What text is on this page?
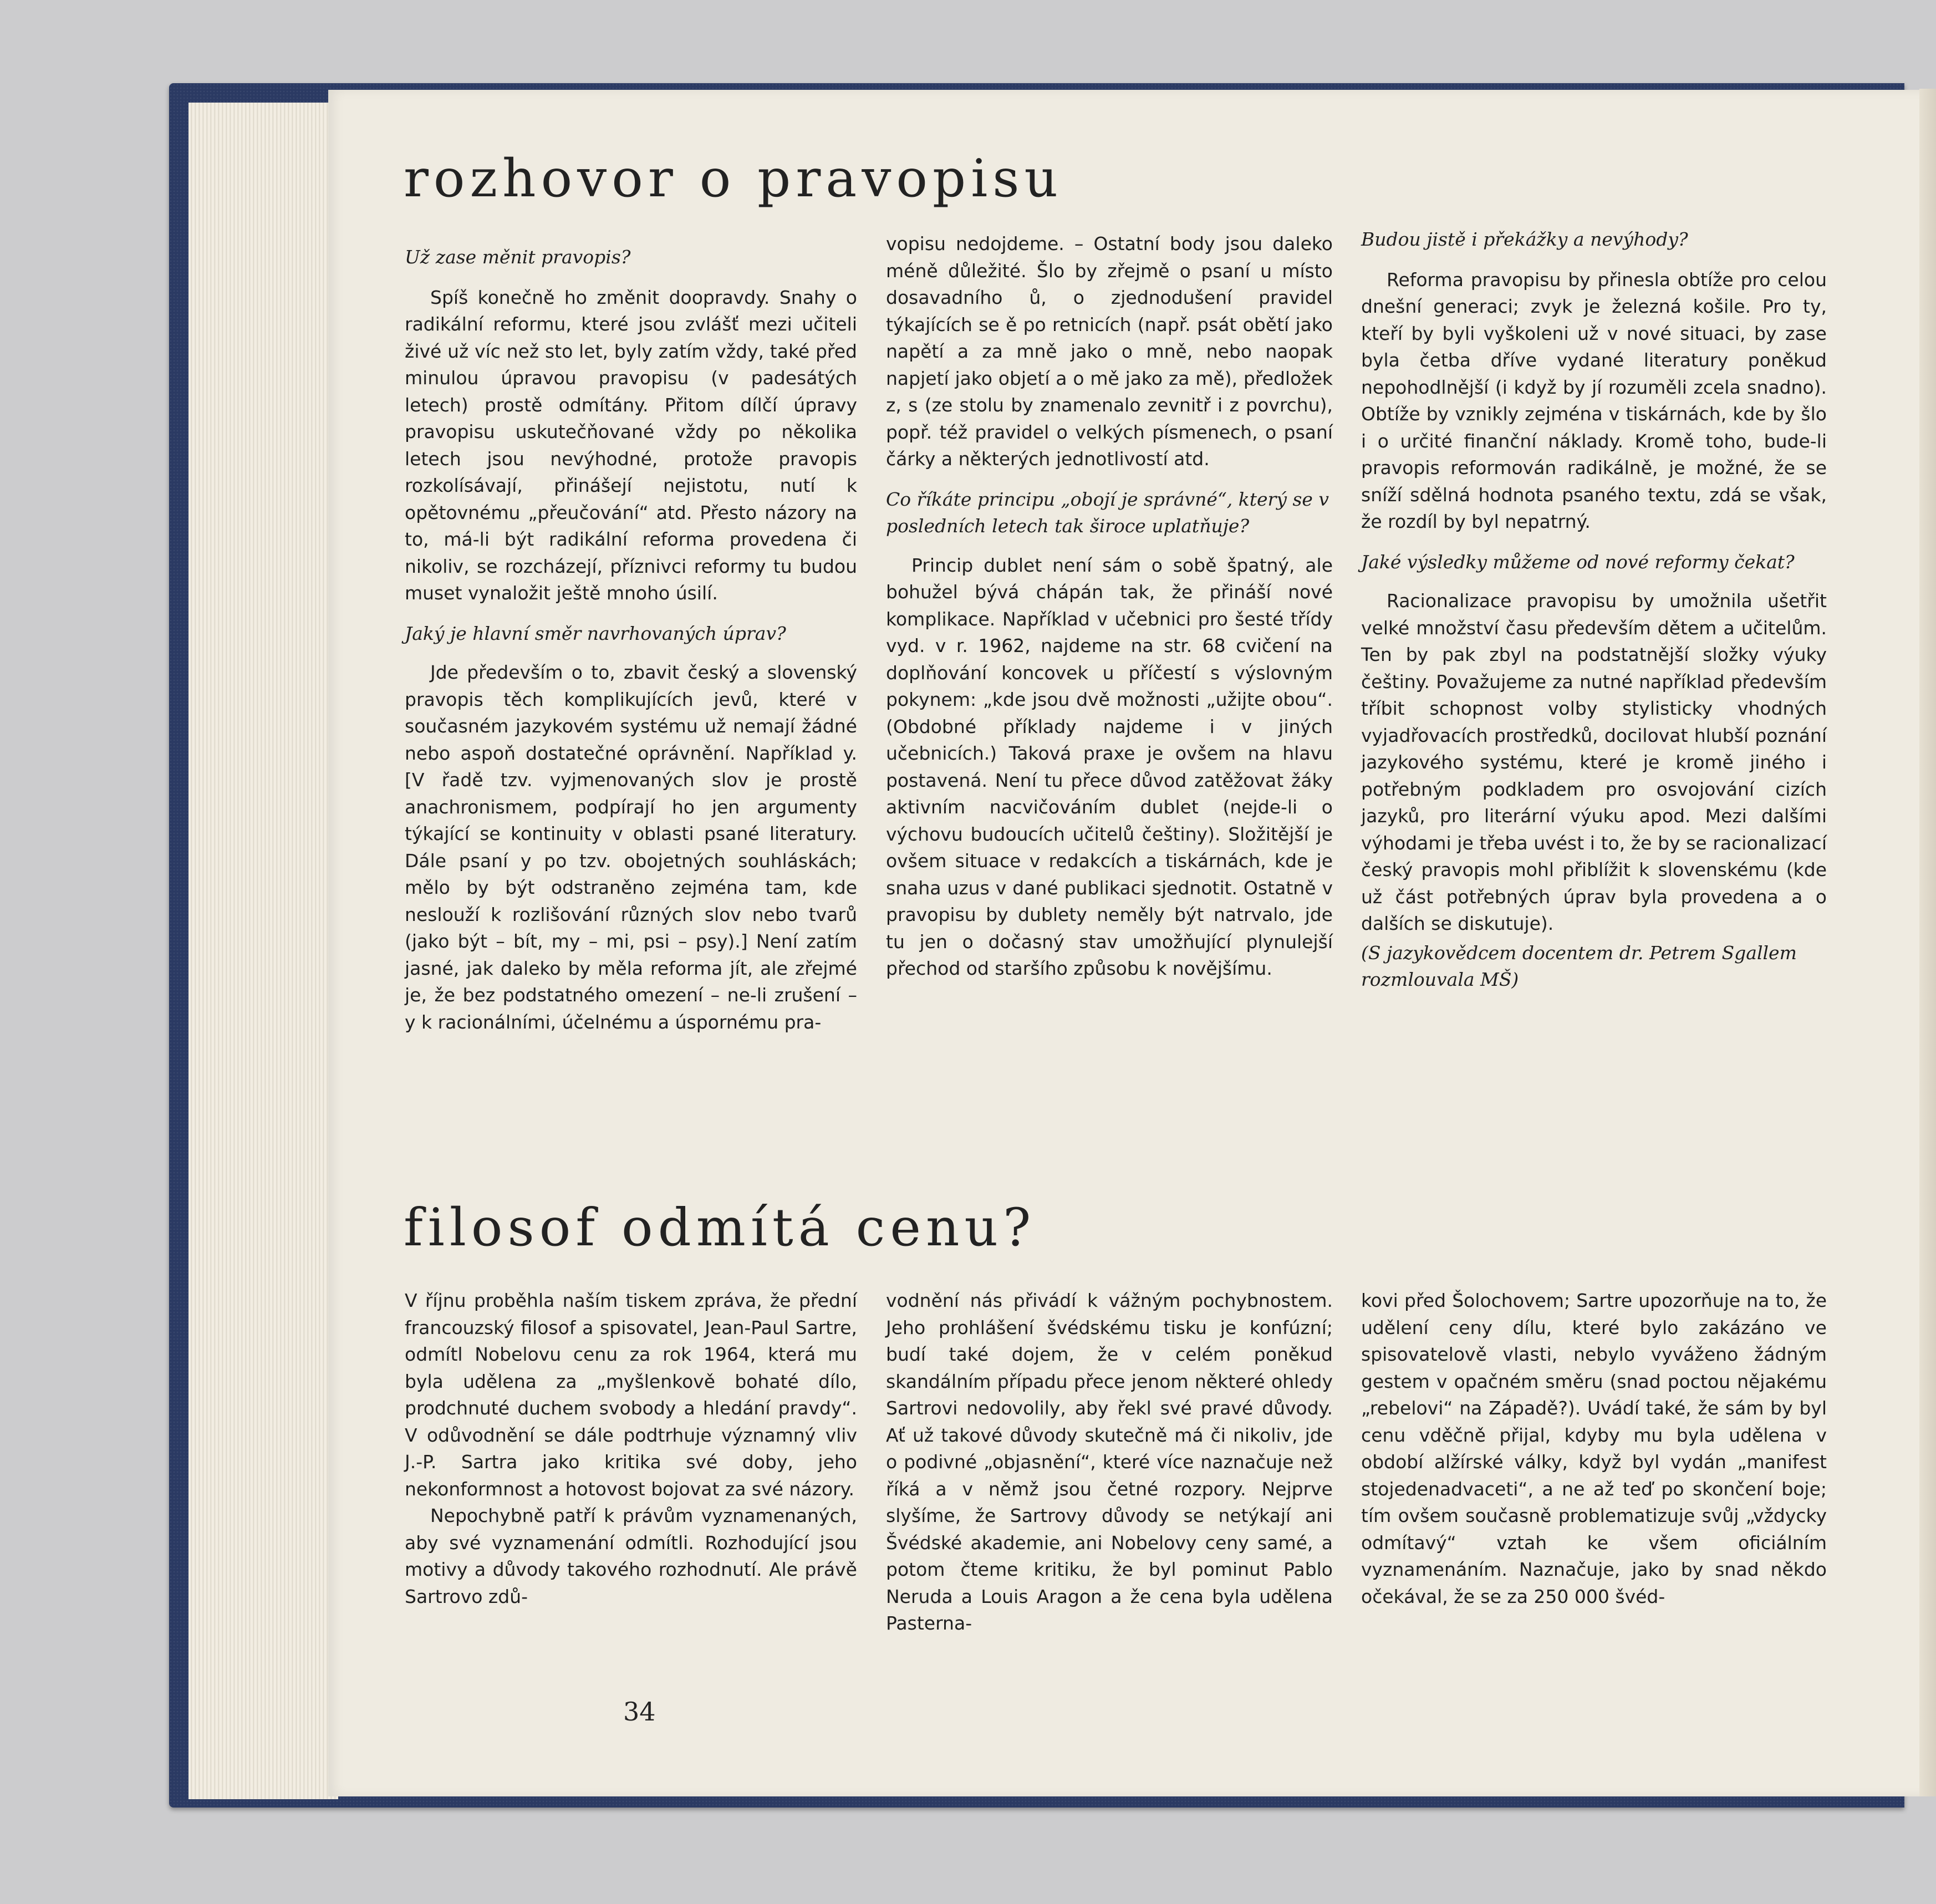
rozhovor o pravopisu

Už zase měnit pravopis?

Spíš konečně ho změnit doopravdy. Snahy o radikální reformu, které jsou zvlášť mezi učiteli živé už víc než sto let, byly zatím vždy, také před minulou úpravou pravopisu (v padesátých letech) prostě odmítány. Přitom dílčí úpravy pravopisu uskutečňované vždy po několika letech jsou nevýhodné, protože pravopis rozkolísávají, přinášejí nejistotu, nutí k opětovnému „přeučování“ atd. Přesto názory na to, má-li být radikální reforma provedena či nikoliv, se rozcházejí, příznivci reformy tu budou muset vynaložit ještě mnoho úsilí.

Jaký je hlavní směr navrhovaných úprav?

Jde především o to, zbavit český a slovenský pravopis těch komplikujících jevů, které v současném jazykovém systému už nemají žádné nebo aspoň dostatečné oprávnění. Například y. [V řadě tzv. vyjmenovaných slov je prostě anachronismem, podpírají ho jen argumenty týkající se kontinuity v oblasti psané literatury. Dále psaní y po tzv. obojetných souhláskách; mělo by být odstraněno zejména tam, kde neslouží k rozlišování různých slov nebo tvarů (jako být – bít, my – mi, psi – psy).] Není zatím jasné, jak daleko by měla reforma jít, ale zřejmé je, že bez podstatného omezení – ne-li zrušení – y k racionálními, účelnému a úspornému pra-

vopisu nedojdeme. – Ostatní body jsou daleko méně důležité. Šlo by zřejmě o psaní u místo dosavadního ů, o zjednodušení pravidel týkajících se ě po retnicích (např. psát obětí jako napětí a za mně jako o mně, nebo naopak napjetí jako objetí a o mě jako za mě), předložek z, s (ze stolu by znamenalo zevnitř i z povrchu), popř. též pravidel o velkých písmenech, o psaní čárky a některých jednotlivostí atd.

Co říkáte principu „obojí je správné“, který se v posledních letech tak široce uplatňuje?

Princip dublet není sám o sobě špatný, ale bohužel bývá chápán tak, že přináší nové komplikace. Například v učebnici pro šesté třídy vyd. v r. 1962, najdeme na str. 68 cvičení na doplňování koncovek u příčestí s výslovným pokynem: „kde jsou dvě možnosti „užijte obou“. (Obdobné příklady najdeme i v jiných učebnicích.) Taková praxe je ovšem na hlavu postavená. Není tu přece důvod zatěžovat žáky aktivním nacvičováním dublet (nejde-li o výchovu budoucích učitelů češtiny). Složitější je ovšem situace v redakcích a tiskárnách, kde je snaha uzus v dané publikaci sjednotit. Ostatně v pravopisu by dublety neměly být natrvalo, jde tu jen o dočasný stav umožňující plynulejší přechod od staršího způsobu k novějšímu.

Budou jistě i překážky a nevýhody?

Reforma pravopisu by přinesla obtíže pro celou dnešní generaci; zvyk je železná košile. Pro ty, kteří by byli vyškoleni už v nové situaci, by zase byla četba dříve vydané literatury poněkud nepohodlnější (i když by jí rozuměli zcela snadno). Obtíže by vznikly zejména v tiskárnách, kde by šlo i o určité finanční náklady. Kromě toho, bude-li pravopis reformován radikálně, je možné, že se sníží sdělná hodnota psaného textu, zdá se však, že rozdíl by byl nepatrný.

Jaké výsledky můžeme od nové reformy čekat?

Racionalizace pravopisu by umožnila ušetřit velké množství času především dětem a učitelům. Ten by pak zbyl na podstatnější složky výuky češtiny. Považujeme za nutné například především tříbit schopnost volby stylisticky vhodných vyjadřovacích prostředků, docilovat hlubší poznání jazykového systému, které je kromě jiného i potřebným podkladem pro osvojování cizích jazyků, pro literární výuku apod. Mezi dalšími výhodami je třeba uvést i to, že by se racionalizací český pravopis mohl přiblížit k slovenskému (kde už část potřebných úprav byla provedena a o dalších se diskutuje).

(S jazykovědcem docentem dr. Petrem Sgallem rozmlouvala MŠ)

filosof odmítá cenu?

V říjnu proběhla naším tiskem zpráva, že přední francouzský filosof a spisovatel, Jean-Paul Sartre, odmítl Nobelovu cenu za rok 1964, která mu byla udělena za „myšlenkově bohaté dílo, prodchnuté duchem svobody a hledání pravdy“. V odůvodnění se dále podtrhuje významný vliv J.-P. Sartra jako kritika své doby, jeho nekonformnost a hotovost bojovat za své názory.

Nepochybně patří k právům vyznamenaných, aby své vyznamenání odmítli. Rozhodující jsou motivy a důvody takového rozhodnutí. Ale právě Sartrovo zdů-

vodnění nás přivádí k vážným pochybnostem. Jeho prohlášení švédskému tisku je konfúzní; budí také dojem, že v celém poněkud skandálním případu přece jenom některé ohledy Sartrovi nedovolily, aby řekl své pravé důvody. Ať už takové důvody skutečně má či nikoliv, jde o podivné „objasnění“, které více naznačuje než říká a v němž jsou četné rozpory. Nejprve slyšíme, že Sartrovy důvody se netýkají ani Švédské akademie, ani Nobelovy ceny samé, a potom čteme kritiku, že byl pominut Pablo Neruda a Louis Aragon a že cena byla udělena Pasterna-

kovi před Šolochovem; Sartre upozorňuje na to, že udělení ceny dílu, které bylo zakázáno ve spisovatelově vlasti, nebylo vyváženo žádným gestem v opačném směru (snad poctou nějakému „rebelovi“ na Západě?). Uvádí také, že sám by byl cenu vděčně přijal, kdyby mu byla udělena v období alžírské války, když byl vydán „manifest stojedenadvaceti“, a ne až teď po skončení boje; tím ovšem současně problematizuje svůj „vždycky odmítavý“ vztah ke všem oficiálním vyznamenáním. Naznačuje, jako by snad někdo očekával, že se za 250 000 švéd-

34
